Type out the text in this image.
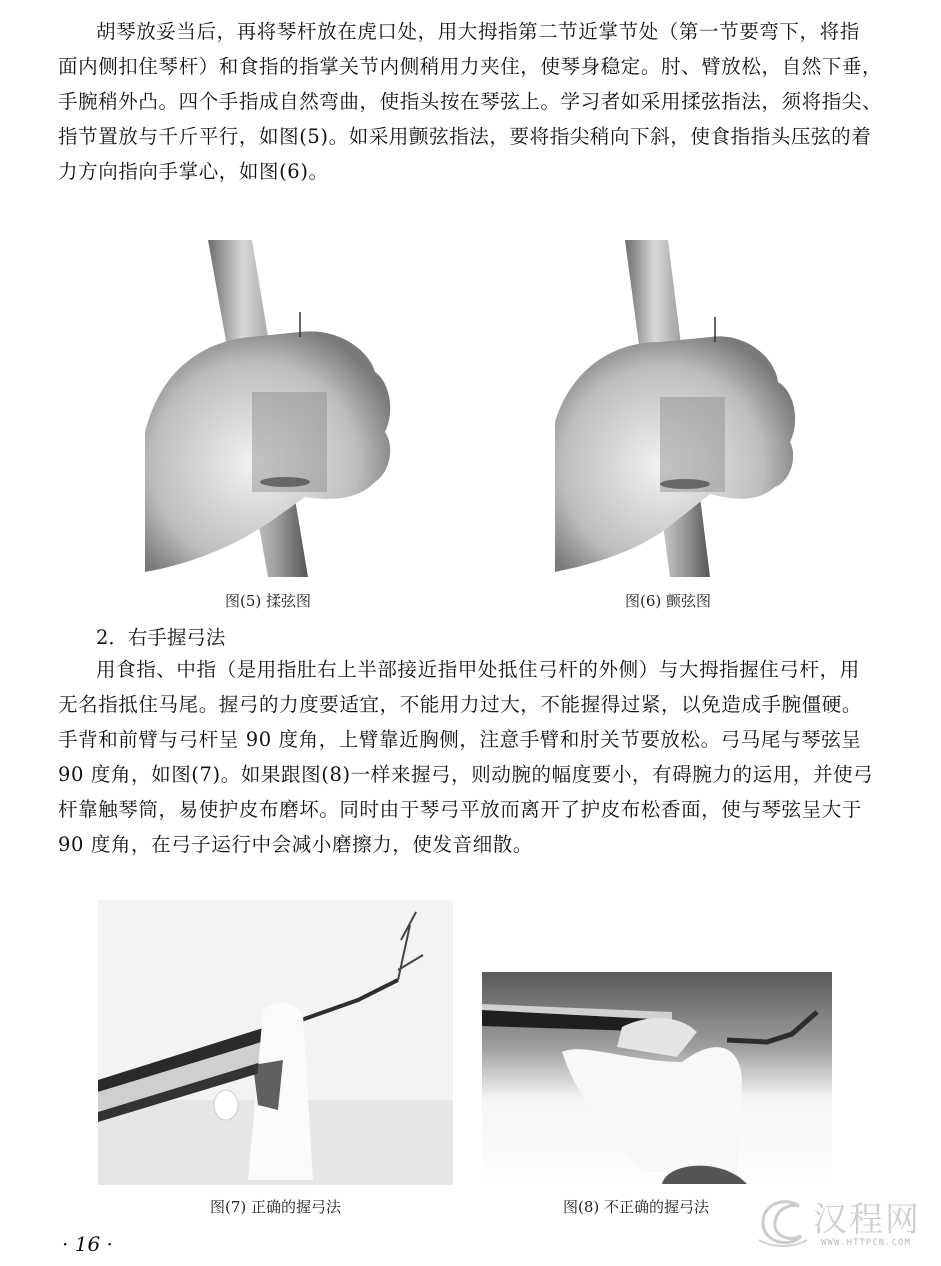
胡琴放妥当后，再将琴杆放在虎口处，用大拇指第二节近掌节处（第一节要弯下，将指
面内侧扣住琴杆）和食指的指掌关节内侧稍用力夹住，使琴身稳定。肘、臂放松，自然下垂，
手腕稍外凸。四个手指成自然弯曲，使指头按在琴弦上。学习者如采用揉弦指法，须将指尖、
指节置放与千斤平行，如图(5)。如采用颤弦指法，要将指尖稍向下斜，使食指指头压弦的着
力方向指向手掌心，如图(6)。
图(5) 揉弦图	图(6) 颤弦图
2．右手握弓法
用食指、中指（是用指肚右上半部接近指甲处抵住弓杆的外侧）与大拇指握住弓杆，用
无名指抵住马尾。握弓的力度要适宜，不能用力过大，不能握得过紧，以免造成手腕僵硬。
手背和前臂与弓杆呈 90 度角，上臂靠近胸侧，注意手臂和肘关节要放松。弓马尾与琴弦呈
90 度角，如图(7)。如果跟图(8)一样来握弓，则动腕的幅度要小，有碍腕力的运用，并使弓
杆靠触琴筒，易使护皮布磨坏。同时由于琴弓平放而离开了护皮布松香面，使与琴弦呈大于
90 度角，在弓子运行中会减小磨擦力，使发音细散。
图(7) 正确的握弓法	图(8) 不正确的握弓法
· 16 ·
汉程网
WWW.HTTPCN.COM
